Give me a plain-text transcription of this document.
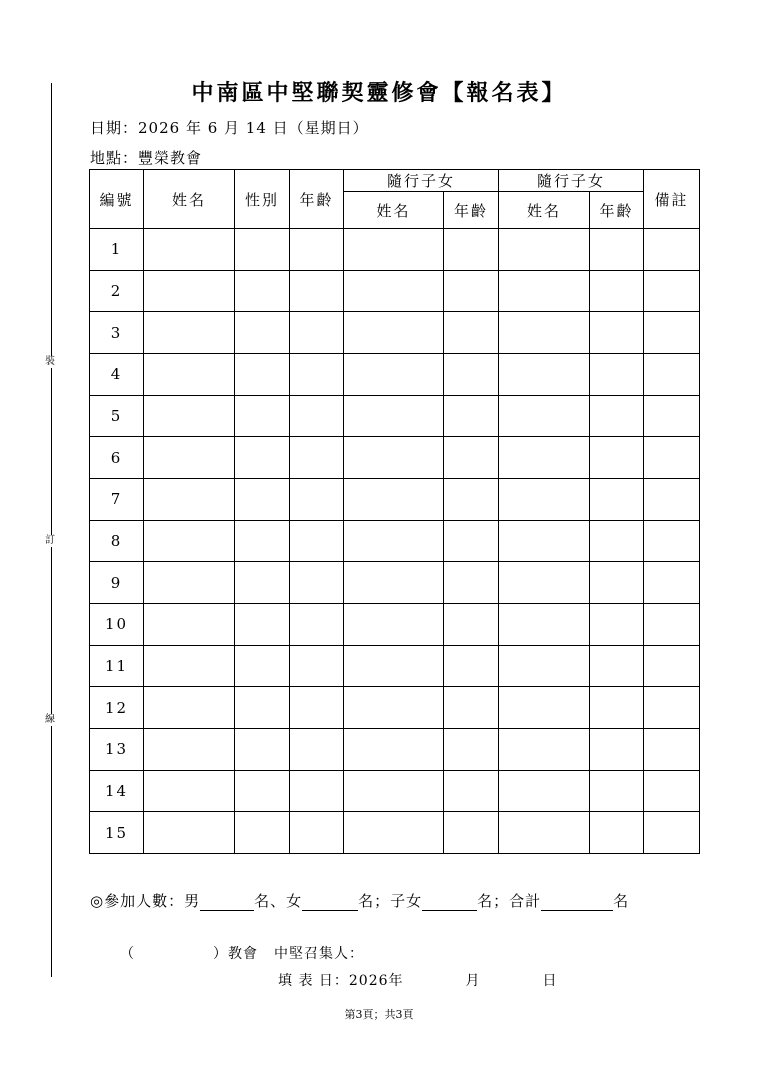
裝
訂
線
中南區中堅聯契靈修會【報名表】
日期：2026 年 6 月 14 日（星期日）
地點：豐榮教會
編號	姓名	性別	年齡	隨行子女		隨行子女		備註
				姓名	年齡	姓名	年齡	
1								
2								
3								
4								
5								
6								
7								
8								
9								
10								
11								
12								
13								
14								
15								
◎參加人數：男	名、女	名；子女	名；合計	名
（	）教會 中堅召集人：
填 表 日：2026年	月	日
第3頁；共3頁
